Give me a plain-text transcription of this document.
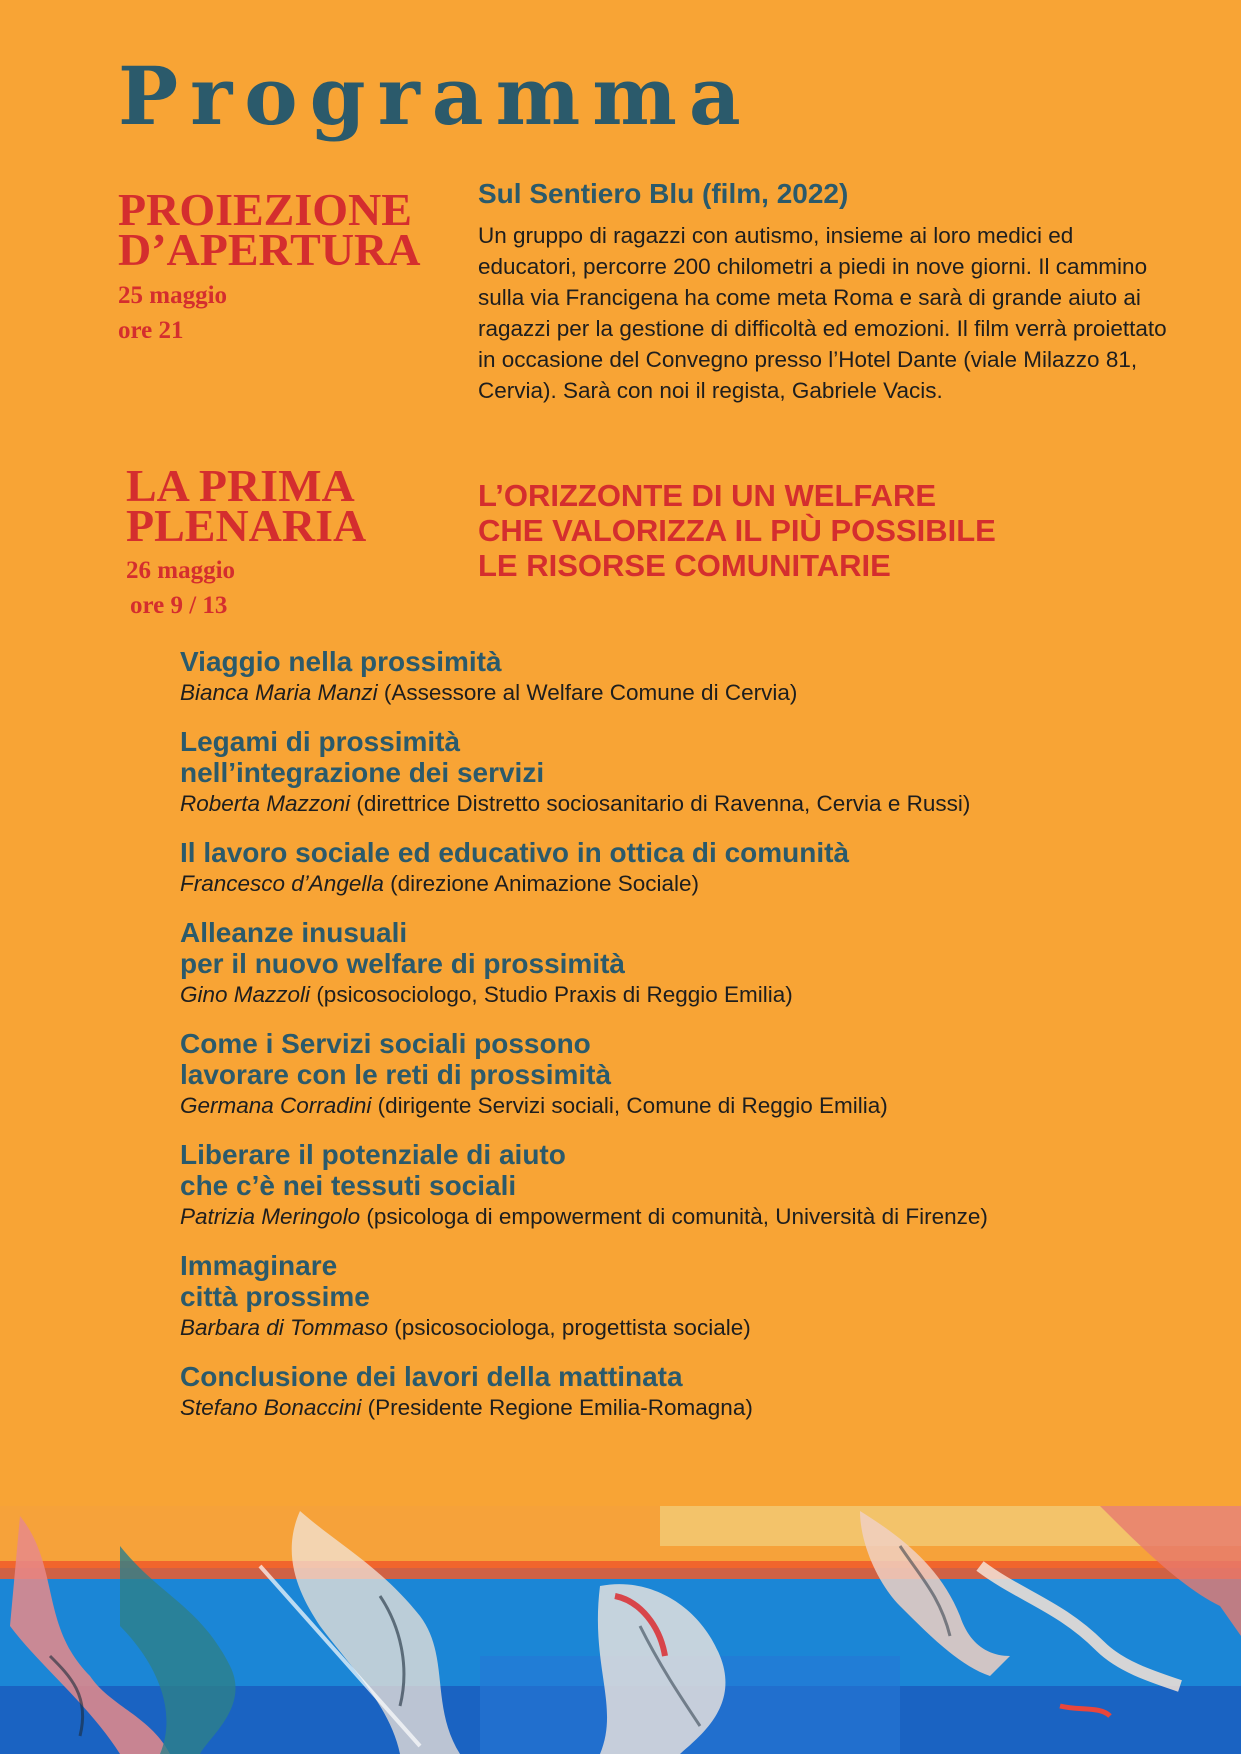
Programma
PROIEZIONE
D’APERTURA
25 maggio
ore 21
Sul Sentiero Blu (film, 2022)

Un gruppo di ragazzi con autismo, insieme ai loro medici ed educatori, percorre 200 chilometri a piedi in nove giorni. Il cammino sulla via Francigena ha come meta Roma e sarà di grande aiuto ai ragazzi per la gestione di difficoltà ed emozioni. Il film verrà proiettato in occasione del Convegno presso l’Hotel Dante (viale Milazzo 81, Cervia). Sarà con noi il regista, Gabriele Vacis.

LA PRIMA
PLENARIA
26 maggio
ore 9 / 13
L’ORIZZONTE DI UN WELFARE
CHE VALORIZZA IL PIÙ POSSIBILE
LE RISORSE COMUNITARIE
Viaggio nella prossimità
Bianca Maria Manzi (Assessore al Welfare Comune di Cervia)
Legami di prossimità
nell’integrazione dei servizi
Roberta Mazzoni (direttrice Distretto sociosanitario di Ravenna, Cervia e Russi)
Il lavoro sociale ed educativo in ottica di comunità
Francesco d’Angella (direzione Animazione Sociale)
Alleanze inusuali
per il nuovo welfare di prossimità
Gino Mazzoli (psicosociologo, Studio Praxis di Reggio Emilia)
Come i Servizi sociali possono
lavorare con le reti di prossimità
Germana Corradini (dirigente Servizi sociali, Comune di Reggio Emilia)
Liberare il potenziale di aiuto
che c’è nei tessuti sociali
Patrizia Meringolo (psicologa di empowerment di comunità, Università di Firenze)
Immaginare
città prossime
Barbara di Tommaso (psicosociologa, progettista sociale)
Conclusione dei lavori della mattinata
Stefano Bonaccini (Presidente Regione Emilia-Romagna)
